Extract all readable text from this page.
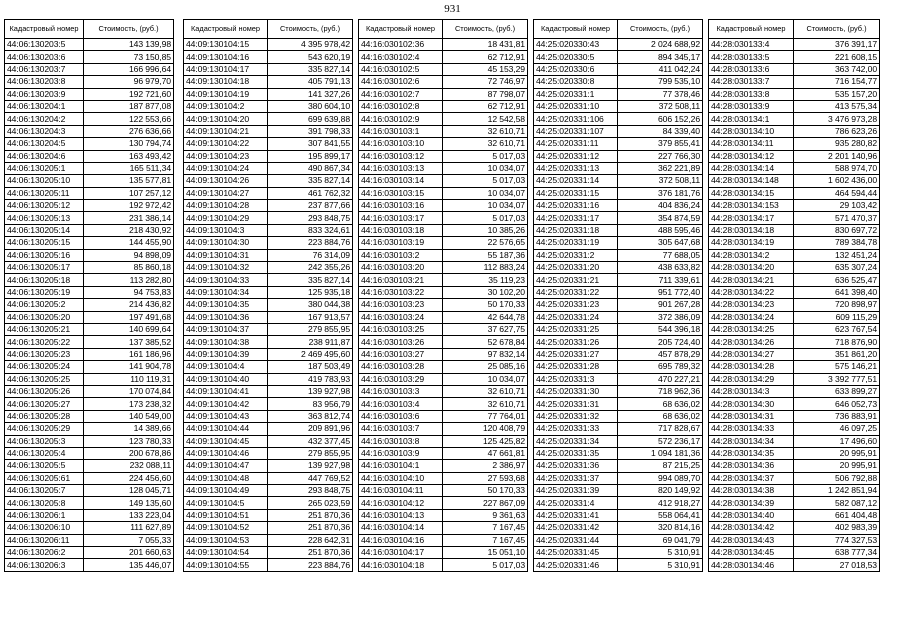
931
Кадастровый номер	Стоимость, (руб.)
44:06:130203:5	143 139,98
44:06:130203:6	73 150,85
44:06:130203:7	166 996,64
44:06:130203:8	96 979,70
44:06:130203:9	192 721,60
44:06:130204:1	187 877,08
44:06:130204:2	122 553,66
44:06:130204:3	276 636,66
44:06:130204:5	130 794,74
44:06:130204:6	163 493,42
44:06:130205:1	165 511,34
44:06:130205:10	135 577,81
44:06:130205:11	107 257,12
44:06:130205:12	192 972,42
44:06:130205:13	231 386,14
44:06:130205:14	218 430,92
44:06:130205:15	144 455,90
44:06:130205:16	94 898,09
44:06:130205:17	85 860,18
44:06:130205:18	113 282,80
44:06:130205:19	94 753,83
44:06:130205:2	214 436,82
44:06:130205:20	197 491,68
44:06:130205:21	140 699,64
44:06:130205:22	137 385,52
44:06:130205:23	161 186,96
44:06:130205:24	141 904,78
44:06:130205:25	110 119,31
44:06:130205:26	170 074,84
44:06:130205:27	173 238,32
44:06:130205:28	140 549,00
44:06:130205:29	14 389,66
44:06:130205:3	123 780,33
44:06:130205:4	200 678,86
44:06:130205:5	232 088,11
44:06:130205:61	224 456,60
44:06:130205:7	128 045,71
44:06:130205:8	149 135,60
44:06:130206:1	133 223,04
44:06:130206:10	111 627,89
44:06:130206:11	7 055,33
44:06:130206:2	201 660,63
44:06:130206:3	135 446,07
Кадастровый номер	Стоимость, (руб.)
44:09:130104:15	4 395 978,42
44:09:130104:16	543 620,19
44:09:130104:17	335 827,14
44:09:130104:18	405 791,13
44:09:130104:19	141 327,26
44:09:130104:2	380 604,10
44:09:130104:20	699 639,88
44:09:130104:21	391 798,33
44:09:130104:22	307 841,55
44:09:130104:23	195 899,17
44:09:130104:24	490 867,34
44:09:130104:26	335 827,14
44:09:130104:27	461 762,32
44:09:130104:28	237 877,66
44:09:130104:29	293 848,75
44:09:130104:3	833 324,61
44:09:130104:30	223 884,76
44:09:130104:31	76 314,09
44:09:130104:32	242 355,26
44:09:130104:33	335 827,14
44:09:130104:34	125 935,18
44:09:130104:35	380 044,38
44:09:130104:36	167 913,57
44:09:130104:37	279 855,95
44:09:130104:38	238 911,87
44:09:130104:39	2 469 495,60
44:09:130104:4	187 503,49
44:09:130104:40	419 783,93
44:09:130104:41	139 927,98
44:09:130104:42	83 956,79
44:09:130104:43	363 812,74
44:09:130104:44	209 891,96
44:09:130104:45	432 377,45
44:09:130104:46	279 855,95
44:09:130104:47	139 927,98
44:09:130104:48	447 769,52
44:09:130104:49	293 848,75
44:09:130104:5	265 023,59
44:09:130104:51	251 870,36
44:09:130104:52	251 870,36
44:09:130104:53	228 642,31
44:09:130104:54	251 870,36
44:09:130104:55	223 884,76
Кадастровый номер	Стоимость, (руб.)
44:16:030102:36	18 431,81
44:16:030102:4	62 712,91
44:16:030102:5	45 153,29
44:16:030102:6	72 746,97
44:16:030102:7	87 798,07
44:16:030102:8	62 712,91
44:16:030102:9	12 542,58
44:16:030103:1	32 610,71
44:16:030103:10	32 610,71
44:16:030103:12	5 017,03
44:16:030103:13	10 034,07
44:16:030103:14	5 017,03
44:16:030103:15	10 034,07
44:16:030103:16	10 034,07
44:16:030103:17	5 017,03
44:16:030103:18	10 385,26
44:16:030103:19	22 576,65
44:16:030103:2	55 187,36
44:16:030103:20	112 883,24
44:16:030103:21	35 119,23
44:16:030103:22	30 102,20
44:16:030103:23	50 170,33
44:16:030103:24	42 644,78
44:16:030103:25	37 627,75
44:16:030103:26	52 678,84
44:16:030103:27	97 832,14
44:16:030103:28	25 085,16
44:16:030103:29	10 034,07
44:16:030103:3	32 610,71
44:16:030103:4	32 610,71
44:16:030103:6	77 764,01
44:16:030103:7	120 408,79
44:16:030103:8	125 425,82
44:16:030103:9	47 661,81
44:16:030104:1	2 386,97
44:16:030104:10	27 593,68
44:16:030104:11	50 170,33
44:16:030104:12	227 867,09
44:16:030104:13	9 361,63
44:16:030104:14	7 167,45
44:16:030104:16	7 167,45
44:16:030104:17	15 051,10
44:16:030104:18	5 017,03
Кадастровый номер	Стоимость, (руб.)
44:25:020330:43	2 024 688,92
44:25:020330:5	894 345,17
44:25:020330:6	411 042,24
44:25:020330:8	799 535,10
44:25:020331:1	77 378,46
44:25:020331:10	372 508,11
44:25:020331:106	606 152,26
44:25:020331:107	84 339,40
44:25:020331:11	379 855,41
44:25:020331:12	227 766,30
44:25:020331:13	362 221,89
44:25:020331:14	372 508,11
44:25:020331:15	376 181,76
44:25:020331:16	404 836,24
44:25:020331:17	354 874,59
44:25:020331:18	488 595,46
44:25:020331:19	305 647,68
44:25:020331:2	77 688,05
44:25:020331:20	438 633,82
44:25:020331:21	711 339,61
44:25:020331:22	951 772,40
44:25:020331:23	901 267,28
44:25:020331:24	372 386,09
44:25:020331:25	544 396,18
44:25:020331:26	205 724,40
44:25:020331:27	457 878,29
44:25:020331:28	695 789,32
44:25:020331:3	470 227,21
44:25:020331:30	718 962,36
44:25:020331:31	68 636,02
44:25:020331:32	68 636,02
44:25:020331:33	717 828,67
44:25:020331:34	572 236,17
44:25:020331:35	1 094 181,36
44:25:020331:36	87 215,25
44:25:020331:37	994 089,70
44:25:020331:39	820 149,92
44:25:020331:4	412 918,27
44:25:020331:41	558 064,41
44:25:020331:42	320 814,16
44:25:020331:44	69 041,79
44:25:020331:45	5 310,91
44:25:020331:46	5 310,91
Кадастровый номер	Стоимость, (руб.)
44:28:030133:4	376 391,17
44:28:030133:5	221 608,15
44:28:030133:6	363 742,00
44:28:030133:7	716 154,77
44:28:030133:8	535 157,20
44:28:030133:9	413 575,34
44:28:030134:1	3 476 973,28
44:28:030134:10	786 623,26
44:28:030134:11	935 280,82
44:28:030134:12	2 201 140,96
44:28:030134:14	588 974,70
44:28:030134:148	1 602 436,00
44:28:030134:15	464 594,44
44:28:030134:153	29 103,42
44:28:030134:17	571 470,37
44:28:030134:18	830 697,72
44:28:030134:19	789 384,78
44:28:030134:2	132 451,24
44:28:030134:20	635 307,24
44:28:030134:21	636 525,47
44:28:030134:22	641 398,40
44:28:030134:23	720 898,97
44:28:030134:24	609 115,29
44:28:030134:25	623 767,54
44:28:030134:26	718 876,90
44:28:030134:27	351 861,20
44:28:030134:28	575 146,21
44:28:030134:29	3 392 777,51
44:28:030134:3	633 899,27
44:28:030134:30	646 052,73
44:28:030134:31	736 883,91
44:28:030134:33	46 097,25
44:28:030134:34	17 496,60
44:28:030134:35	20 995,91
44:28:030134:36	20 995,91
44:28:030134:37	506 792,88
44:28:030134:38	1 242 851,94
44:28:030134:39	582 087,12
44:28:030134:40	661 404,48
44:28:030134:42	402 983,39
44:28:030134:43	774 327,53
44:28:030134:45	638 777,34
44:28:030134:46	27 018,53
